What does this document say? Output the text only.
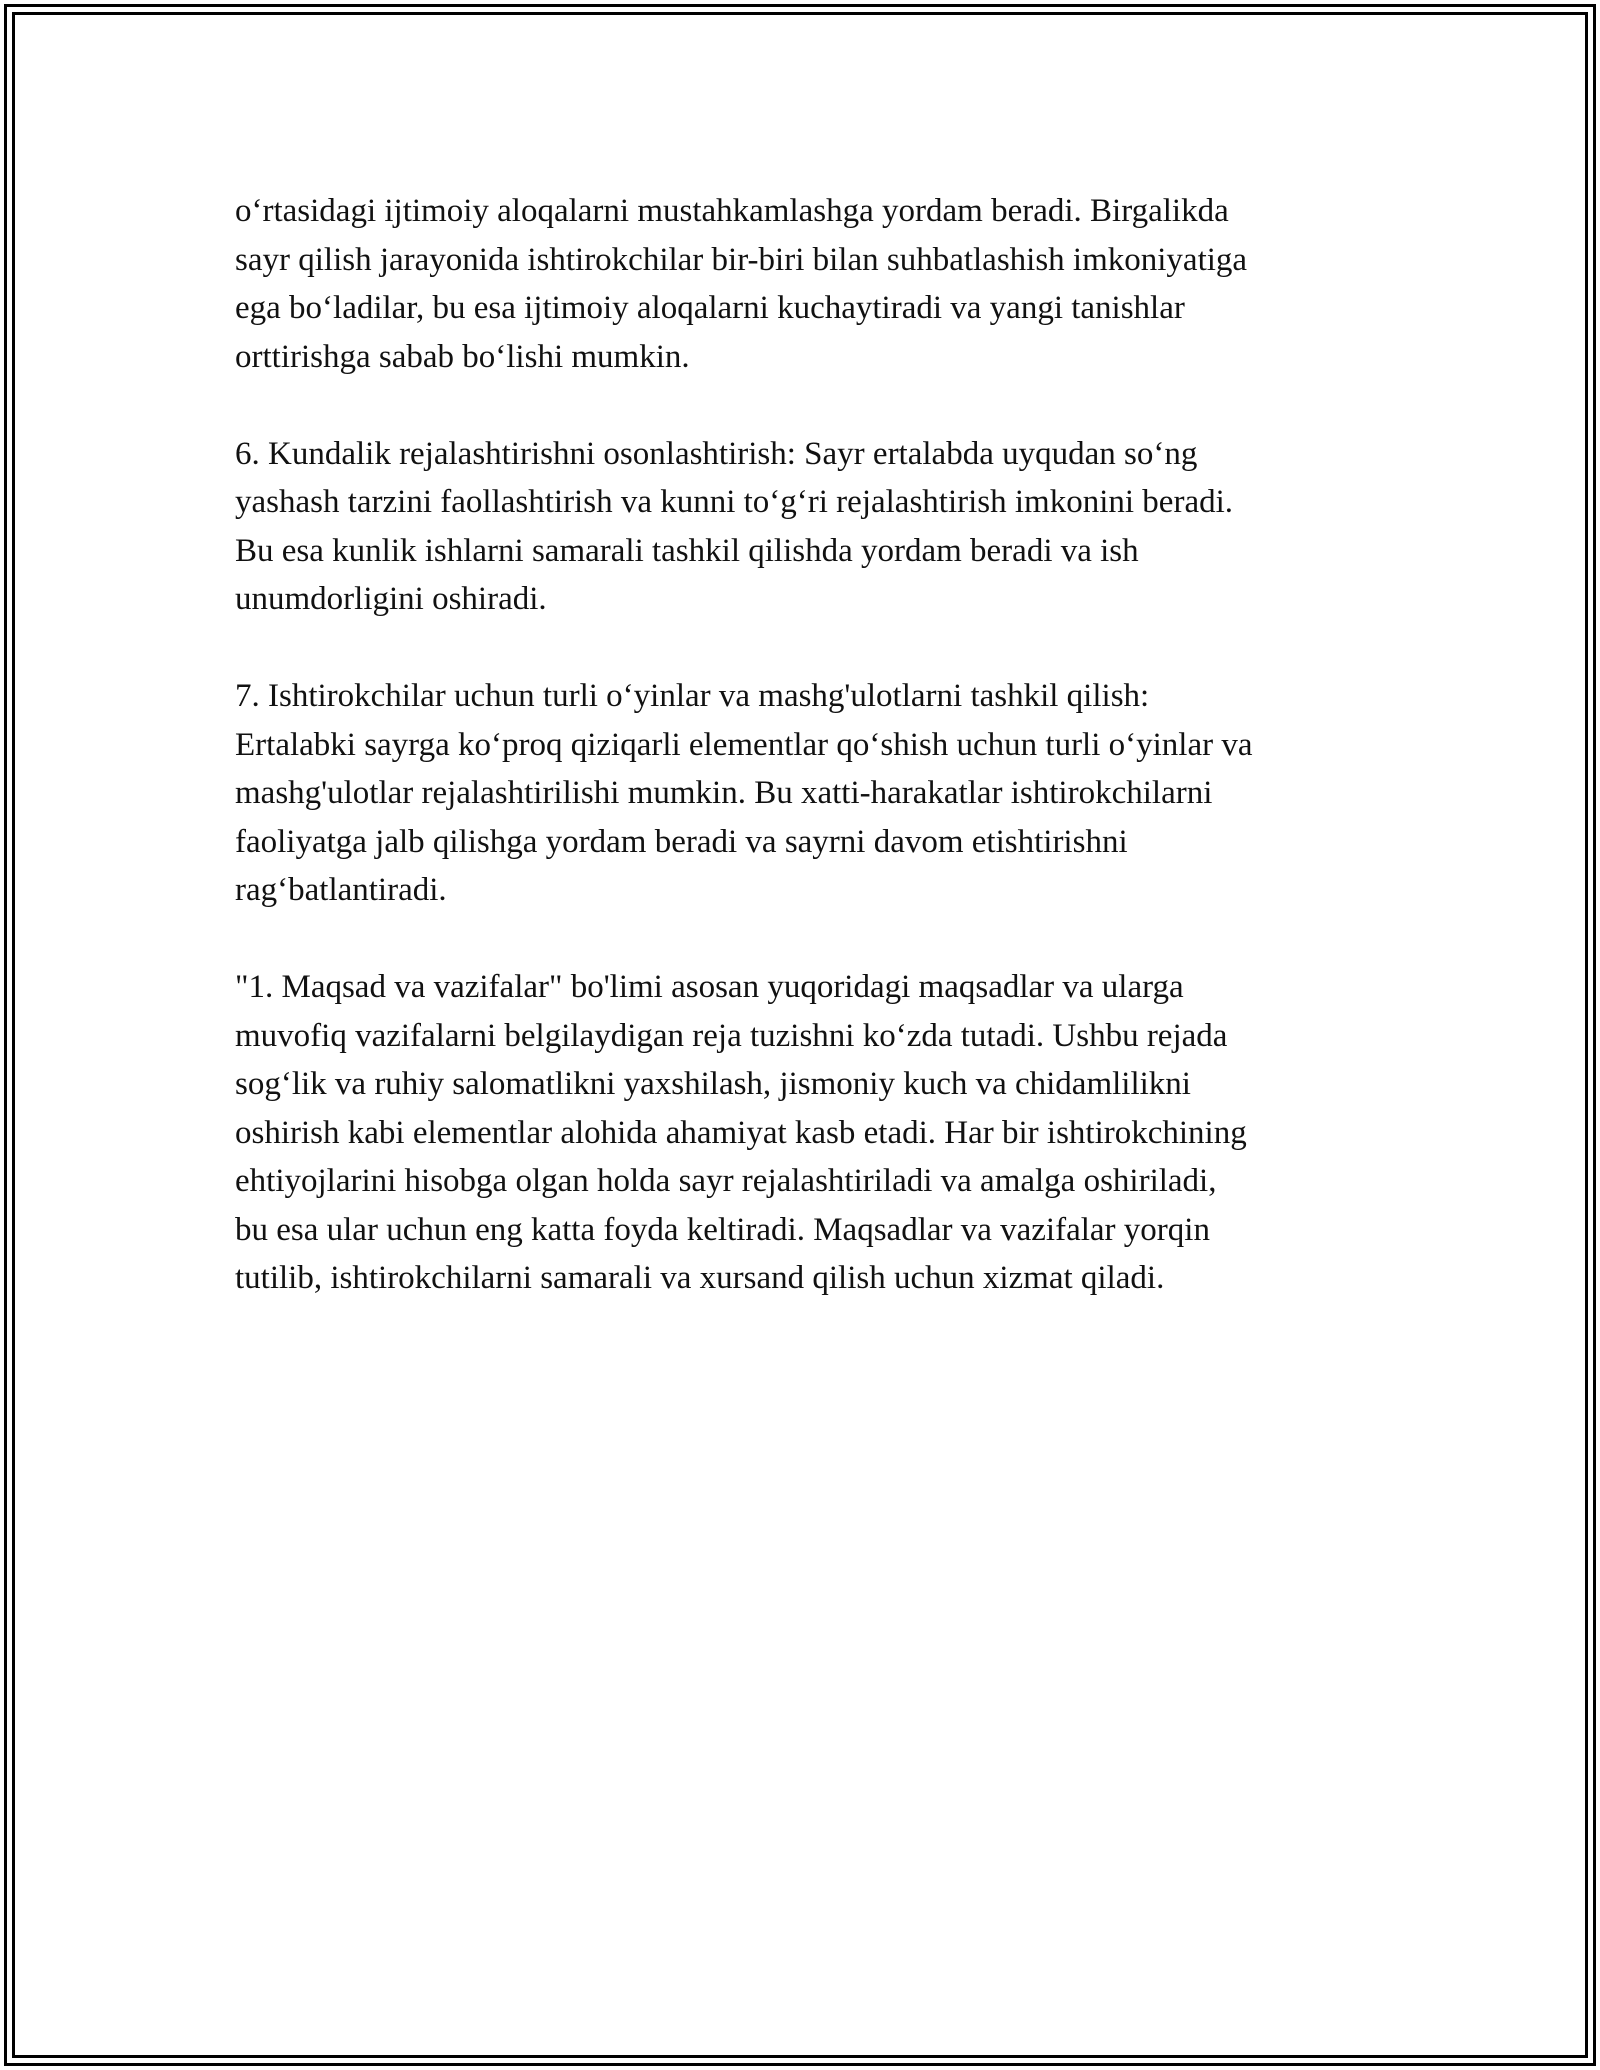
o‘rtasidagi ijtimoiy aloqalarni mustahkamlashga yordam beradi. Birgalikda
sayr qilish jarayonida ishtirokchilar bir-biri bilan suhbatlashish imkoniyatiga
ega bo‘ladilar, bu esa ijtimoiy aloqalarni kuchaytiradi va yangi tanishlar
orttirishga sabab bo‘lishi mumkin.

6. Kundalik rejalashtirishni osonlashtirish: Sayr ertalabda uyqudan so‘ng
yashash tarzini faollashtirish va kunni to‘g‘ri rejalashtirish imkonini beradi.
Bu esa kunlik ishlarni samarali tashkil qilishda yordam beradi va ish
unumdorligini oshiradi.

7. Ishtirokchilar uchun turli o‘yinlar va mashg'ulotlarni tashkil qilish:
Ertalabki sayrga ko‘proq qiziqarli elementlar qo‘shish uchun turli o‘yinlar va
mashg'ulotlar rejalashtirilishi mumkin. Bu xatti-harakatlar ishtirokchilarni
faoliyatga jalb qilishga yordam beradi va sayrni davom etishtirishni
rag‘batlantiradi.

"1. Maqsad va vazifalar" bo'limi asosan yuqoridagi maqsadlar va ularga
muvofiq vazifalarni belgilaydigan reja tuzishni ko‘zda tutadi. Ushbu rejada
sog‘lik va ruhiy salomatlikni yaxshilash, jismoniy kuch va chidamlilikni
oshirish kabi elementlar alohida ahamiyat kasb etadi. Har bir ishtirokchining
ehtiyojlarini hisobga olgan holda sayr rejalashtiriladi va amalga oshiriladi,
bu esa ular uchun eng katta foyda keltiradi. Maqsadlar va vazifalar yorqin
tutilib, ishtirokchilarni samarali va xursand qilish uchun xizmat qiladi.
